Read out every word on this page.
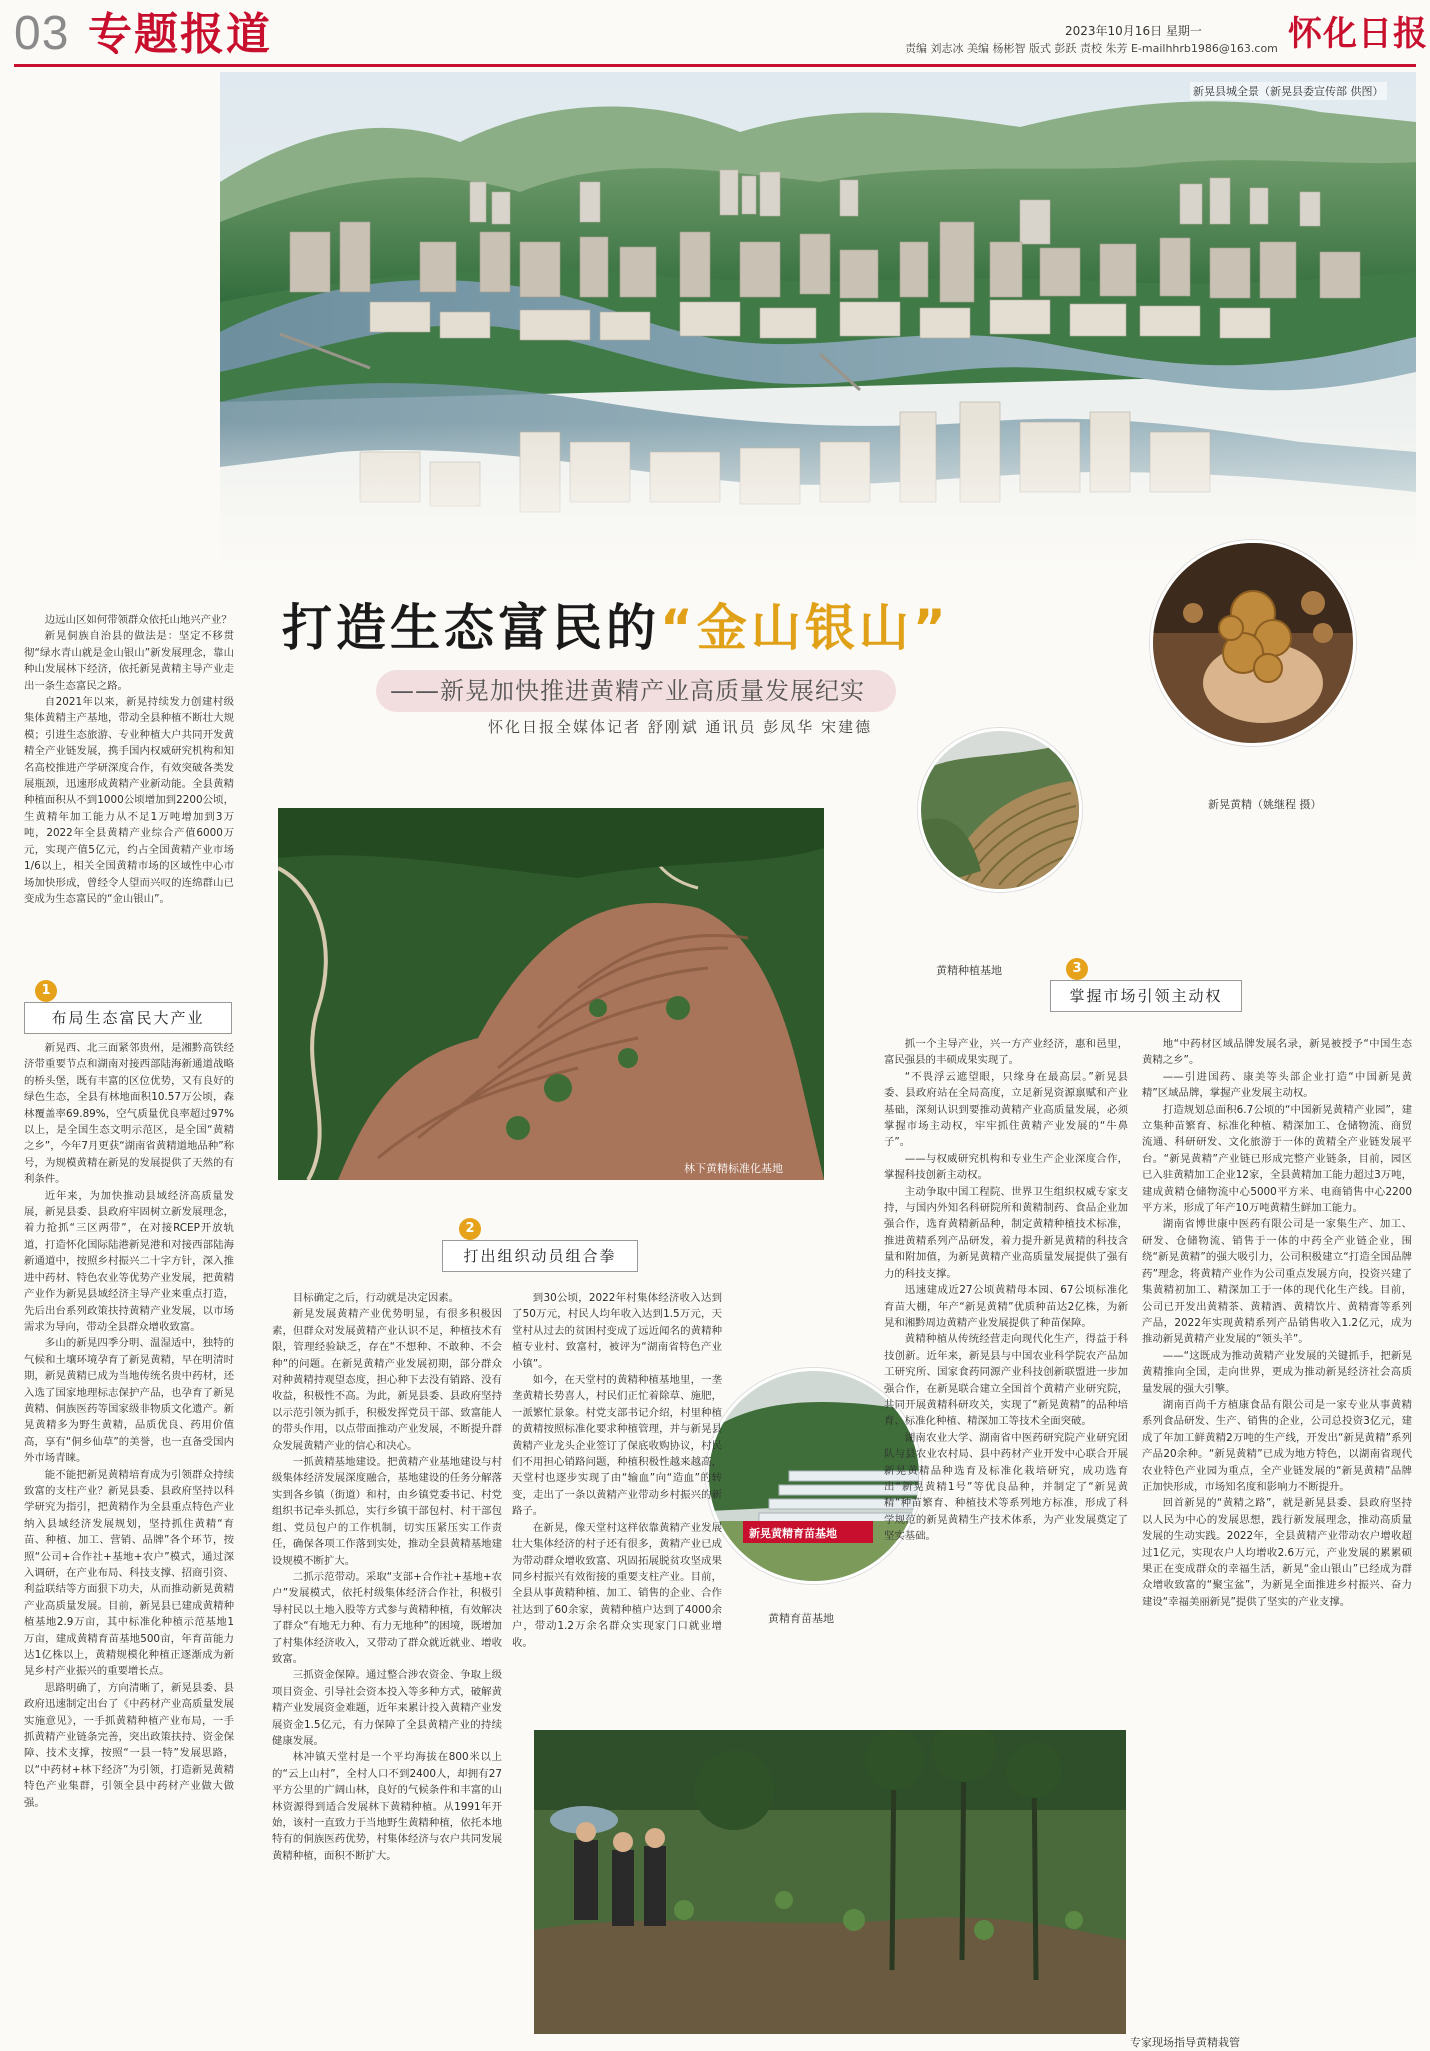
03 专题报道	2023年10月16日 星期一
责编 刘志冰 美编 杨彬智 版式 彭跃 责校 朱芳 E-mailhhrb1986@163.com 怀化日报
新晃县城全景（新晃县委宣传部 供图）
打造生态富民的“金山银山”
——新晃加快推进黄精产业高质量发展纪实
怀化日报全媒体记者 舒刚斌 通讯员 彭凤华 宋建德
新晃黄精（姚继程 摄）
黄精种植基地
1
布局生态富民大产业
2
打出组织动员组合拳
3
掌握市场引领主动权
林下黄精标准化基地
新晃黄精育苗基地
黄精育苗基地
专家现场指导黄精栽管

边远山区如何带领群众依托山地兴产业？

新晃侗族自治县的做法是：坚定不移贯彻“绿水青山就是金山银山”新发展理念，靠山种山发展林下经济，依托新晃黄精主导产业走出一条生态富民之路。

自2021年以来，新晃持续发力创建村级集体黄精主产基地，带动全县种植不断壮大规模；引进生态旅游、专业种植大户共同开发黄精全产业链发展，携手国内权威研究机构和知名高校推进产学研深度合作，有效突破各类发展瓶颈，迅速形成黄精产业新动能。全县黄精种植面积从不到1000公顷增加到2200公顷，生黄精年加工能力从不足1万吨增加到3万吨，2022年全县黄精产业综合产值6000万元，实现产值5亿元，约占全国黄精产业市场1/6以上，相关全国黄精市场的区域性中心市场加快形成，曾经令人望而兴叹的连绵群山已变成为生态富民的“金山银山”。

新晃西、北三面紧邻贵州，是湘黔高铁经济带重要节点和湖南对接西部陆海新通道战略的桥头堡，既有丰富的区位优势，又有良好的绿色生态，全县有林地面积10.57万公顷，森林覆盖率69.89%，空气质量优良率超过97%以上，是全国生态文明示范区，是全国“黄精之乡”，今年7月更获“湖南省黄精道地品种”称号，为规模黄精在新晃的发展提供了天然的有利条件。

近年来，为加快推动县域经济高质量发展，新晃县委、县政府牢固树立新发展理念，着力抢抓“三区两带”，在对接RCEP开放轨道，打造怀化国际陆港新晃港和对接西部陆海新通道中，按照乡村振兴二十字方针，深入推进中药材、特色农业等优势产业发展，把黄精产业作为新晃县域经济主导产业来重点打造，先后出台系列政策扶持黄精产业发展，以市场需求为导向，带动全县群众增收致富。

多山的新晃四季分明、温湿适中，独特的气候和土壤环境孕育了新晃黄精，早在明清时期，新晃黄精已成为当地传统名贵中药材，还入选了国家地理标志保护产品，也孕育了新晃黄精、侗族医药等国家级非物质文化遗产。新晃黄精多为野生黄精，品质优良、药用价值高，享有“侗乡仙草”的美誉，也一直备受国内外市场青睐。

能不能把新晃黄精培育成为引领群众持续致富的支柱产业？新晃县委、县政府坚持以科学研究为指引，把黄精作为全县重点特色产业纳入县域经济发展规划，坚持抓住黄精“育苗、种植、加工、营销、品牌”各个环节，按照“公司+合作社+基地+农户”模式，通过深入调研，在产业布局、科技支撑、招商引资、利益联结等方面狠下功夫，从而推动新晃黄精产业高质量发展。目前，新晃县已建成黄精种植基地2.9万亩，其中标准化种植示范基地1万亩，建成黄精育苗基地500亩，年育苗能力达1亿株以上，黄精规模化种植正逐渐成为新晃乡村产业振兴的重要增长点。

思路明确了，方向清晰了，新晃县委、县政府迅速制定出台了《中药材产业高质量发展实施意见》，一手抓黄精种植产业布局，一手抓黄精产业链条完善，突出政策扶持、资金保障、技术支撑，按照“一县一特”发展思路，以“中药材+林下经济”为引领，打造新晃黄精特色产业集群，引领全县中药材产业做大做强。

目标确定之后，行动就是决定因素。

新晃发展黄精产业优势明显，有很多积极因素，但群众对发展黄精产业认识不足，种植技术有限，管理经验缺乏，存在“不想种、不敢种、不会种”的问题。在新晃黄精产业发展初期，部分群众对种黄精持观望态度，担心种下去没有销路、没有收益，积极性不高。为此，新晃县委、县政府坚持以示范引领为抓手，积极发挥党员干部、致富能人的带头作用，以点带面推动产业发展，不断提升群众发展黄精产业的信心和决心。

一抓黄精基地建设。把黄精产业基地建设与村级集体经济发展深度融合，基地建设的任务分解落实到各乡镇（街道）和村，由乡镇党委书记、村党组织书记牵头抓总，实行乡镇干部包村、村干部包组、党员包户的工作机制，切实压紧压实工作责任，确保各项工作落到实处，推动全县黄精基地建设规模不断扩大。

二抓示范带动。采取“支部+合作社+基地+农户”发展模式，依托村级集体经济合作社，积极引导村民以土地入股等方式参与黄精种植，有效解决了群众“有地无力种、有力无地种”的困境，既增加了村集体经济收入，又带动了群众就近就业、增收致富。

三抓资金保障。通过整合涉农资金、争取上级项目资金、引导社会资本投入等多种方式，破解黄精产业发展资金难题，近年来累计投入黄精产业发展资金1.5亿元，有力保障了全县黄精产业的持续健康发展。

林冲镇天堂村是一个平均海拔在800米以上的“云上山村”，全村人口不到2400人，却拥有27平方公里的广阔山林，良好的气候条件和丰富的山林资源得到适合发展林下黄精种植。从1991年开始，该村一直致力于当地野生黄精种植，依托本地特有的侗族医药优势，村集体经济与农户共同发展黄精种植，面积不断扩大。

到30公顷，2022年村集体经济收入达到了50万元，村民人均年收入达到1.5万元，天堂村从过去的贫困村变成了远近闻名的黄精种植专业村、致富村，被评为“湖南省特色产业小镇”。

如今，在天堂村的黄精种植基地里，一垄垄黄精长势喜人，村民们正忙着除草、施肥，一派繁忙景象。村党支部书记介绍，村里种植的黄精按照标准化要求种植管理，并与新晃县黄精产业龙头企业签订了保底收购协议，村民们不用担心销路问题，种植积极性越来越高，天堂村也逐步实现了由“输血”向“造血”的转变，走出了一条以黄精产业带动乡村振兴的新路子。

在新晃，像天堂村这样依靠黄精产业发展壮大集体经济的村子还有很多，黄精产业已成为带动群众增收致富、巩固拓展脱贫攻坚成果同乡村振兴有效衔接的重要支柱产业。目前，全县从事黄精种植、加工、销售的企业、合作社达到了60余家，黄精种植户达到了4000余户，带动1.2万余名群众实现家门口就业增收。

抓一个主导产业，兴一方产业经济，惠和邑里，富民强县的丰硕成果实现了。

“不畏浮云遮望眼，只缘身在最高层。”新晃县委、县政府站在全局高度，立足新晃资源禀赋和产业基础，深刻认识到要推动黄精产业高质量发展，必须掌握市场主动权，牢牢抓住黄精产业发展的“牛鼻子”。

——与权威研究机构和专业生产企业深度合作，掌握科技创新主动权。

主动争取中国工程院、世界卫生组织权威专家支持，与国内外知名科研院所和黄精制药、食品企业加强合作，选育黄精新品种，制定黄精种植技术标准，推进黄精系列产品研发，着力提升新晃黄精的科技含量和附加值，为新晃黄精产业高质量发展提供了强有力的科技支撑。

迅速建成近27公顷黄精母本园、67公顷标准化育苗大棚，年产“新晃黄精”优质种苗达2亿株，为新晃和湘黔周边黄精产业发展提供了种苗保障。

黄精种植从传统经营走向现代化生产，得益于科技创新。近年来，新晃县与中国农业科学院农产品加工研究所、国家食药同源产业科技创新联盟进一步加强合作，在新晃联合建立全国首个黄精产业研究院，共同开展黄精科研攻关，实现了“新晃黄精”的品种培育、标准化种植、精深加工等技术全面突破。

湖南农业大学、湖南省中医药研究院产业研究团队与县农业农村局、县中药材产业开发中心联合开展新晃黄精品种选育及标准化栽培研究，成功选育出“新晃黄精1号”等优良品种，并制定了“新晃黄精”种苗繁育、种植技术等系列地方标准，形成了科学规范的新晃黄精生产技术体系，为产业发展奠定了坚实基础。

地“中药材区域品牌发展名录，新晃被授予“中国生态黄精之乡”。

——引进国药、康美等头部企业打造“中国新晃黄精”区域品牌，掌握产业发展主动权。

打造规划总面积6.7公顷的“中国新晃黄精产业园”，建立集种苗繁育、标准化种植、精深加工、仓储物流、商贸流通、科研研发、文化旅游于一体的黄精全产业链发展平台。“新晃黄精”产业链已形成完整产业链条，目前，园区已入驻黄精加工企业12家，全县黄精加工能力超过3万吨，建成黄精仓储物流中心5000平方米、电商销售中心2200平方米，形成了年产10万吨黄精生鲜加工能力。

湖南省博世康中医药有限公司是一家集生产、加工、研发、仓储物流、销售于一体的中药全产业链企业，围绕“新晃黄精”的强大吸引力，公司积极建立“打造全国品牌药”理念，将黄精产业作为公司重点发展方向，投资兴建了集黄精初加工、精深加工于一体的现代化生产线。目前，公司已开发出黄精茶、黄精酒、黄精饮片、黄精膏等系列产品，2022年实现黄精系列产品销售收入1.2亿元，成为推动新晃黄精产业发展的“领头羊”。

——“这既成为推动黄精产业发展的关键抓手，把新晃黄精推向全国，走向世界，更成为推动新晃经济社会高质量发展的强大引擎。

湖南百尚千方植康食品有限公司是一家专业从事黄精系列食品研发、生产、销售的企业，公司总投资3亿元，建成了年加工鲜黄精2万吨的生产线，开发出“新晃黄精”系列产品20余种。“新晃黄精”已成为地方特色，以湖南省现代农业特色产业园为重点，全产业链发展的“新晃黄精”品牌正加快形成，市场知名度和影响力不断提升。

回首新晃的“黄精之路”，就是新晃县委、县政府坚持以人民为中心的发展思想，践行新发展理念，推动高质量发展的生动实践。2022年，全县黄精产业带动农户增收超过1亿元，实现农户人均增收2.6万元，产业发展的累累硕果正在变成群众的幸福生活，新晃“金山银山”已经成为群众增收致富的“聚宝盆”，为新晃全面推进乡村振兴、奋力建设“幸福美丽新晃”提供了坚实的产业支撑。
